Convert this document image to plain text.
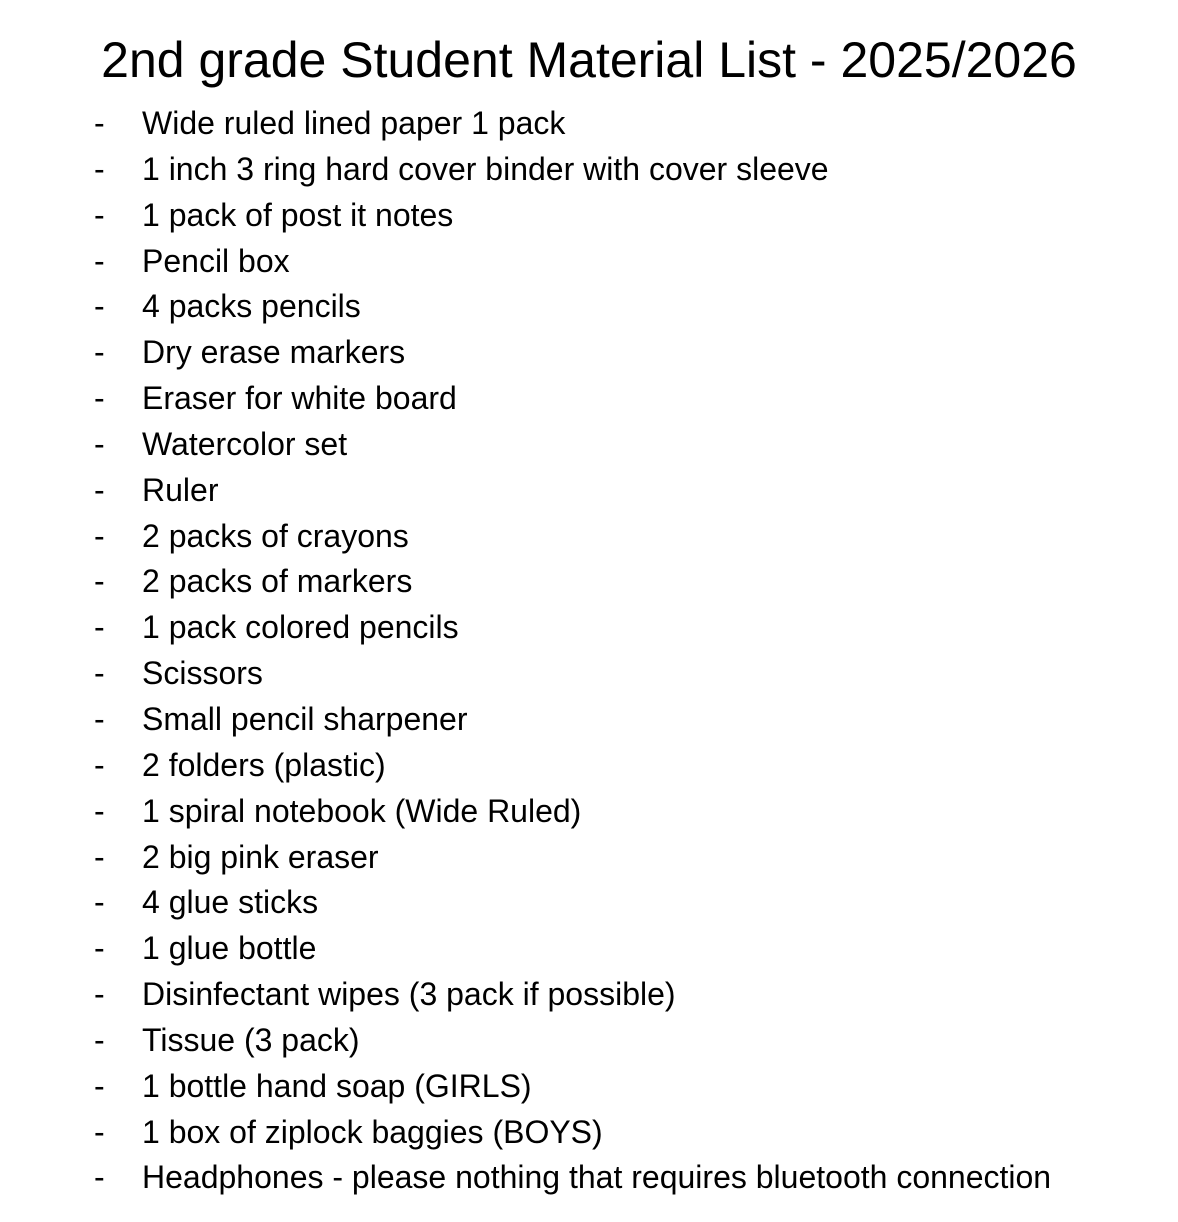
2nd grade Student Material List - 2025/2026
- Wide ruled lined paper 1 pack
- 1 inch 3 ring hard cover binder with cover sleeve
- 1 pack of post it notes
- Pencil box
- 4 packs pencils
- Dry erase markers
- Eraser for white board
- Watercolor set
- Ruler
- 2 packs of crayons
- 2 packs of markers
- 1 pack colored pencils
- Scissors
- Small pencil sharpener
- 2 folders (plastic)
- 1 spiral notebook (Wide Ruled)
- 2 big pink eraser
- 4 glue sticks
- 1 glue bottle
- Disinfectant wipes (3 pack if possible)
- Tissue (3 pack)
- 1 bottle hand soap (GIRLS)
- 1 box of ziplock baggies (BOYS)
- Headphones - please nothing that requires bluetooth connection
